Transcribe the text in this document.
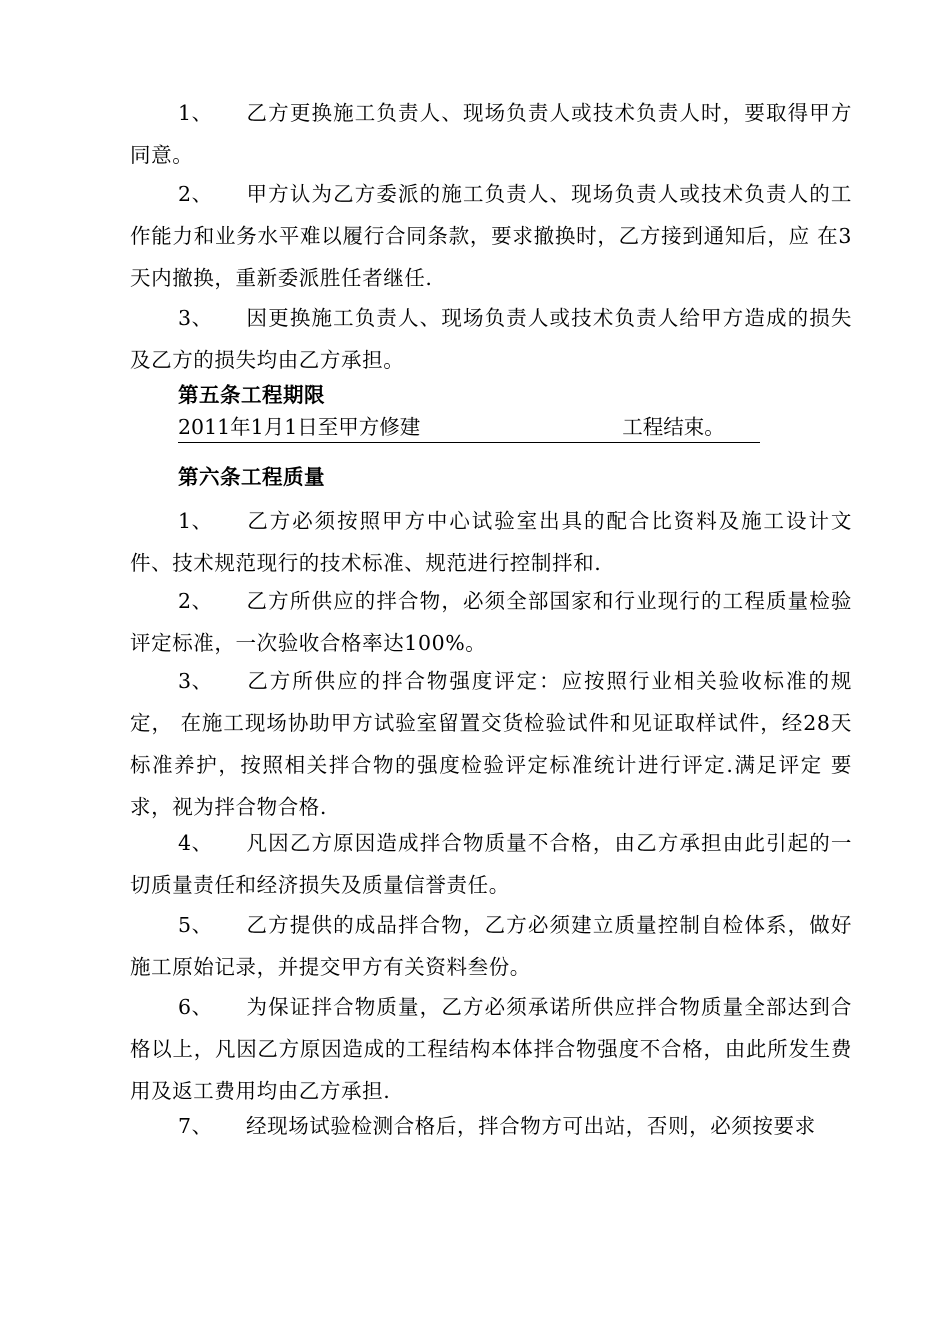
1、 乙方更换施工负责人、现场负责人或技术负责人时，要取得甲方 同意。

2、 甲方认为乙方委派的施工负责人、现场负责人或技术负责人的工 作能力和业务水平难以履行合同条款，要求撤换时，乙方接到通知后，应 在3天内撤换，重新委派胜任者继任.

3、 因更换施工负责人、现场负责人或技术负责人给甲方造成的损失 及乙方的损失均由乙方承担。

第五条工程期限
2011年1月1日至甲方修建	工程结束。
第六条工程质量

1、 乙方必须按照甲方中心试验室出具的配合比资料及施工设计文件、技术规范现行的技术标准、规范进行控制拌和.

2、 乙方所供应的拌合物，必须全部国家和行业现行的工程质量检验 评定标准，一次验收合格率达100%。

3、 乙方所供应的拌合物强度评定：应按照行业相关验收标准的规定， 在施工现场协助甲方试验室留置交货检验试件和见证取样试件，经28天 标准养护，按照相关拌合物的强度检验评定标准统计进行评定.满足评定 要求，视为拌合物合格.

4、 凡因乙方原因造成拌合物质量不合格，由乙方承担由此引起的一 切质量责任和经济损失及质量信誉责任。

5、 乙方提供的成品拌合物，乙方必须建立质量控制自检体系，做好 施工原始记录，并提交甲方有关资料叁份。

6、 为保证拌合物质量，乙方必须承诺所供应拌合物质量全部达到合格以上，凡因乙方原因造成的工程结构本体拌合物强度不合格，由此所发生费用及返工费用均由乙方承担.

7、 经现场试验检测合格后，拌合物方可出站，否则，必须按要求
